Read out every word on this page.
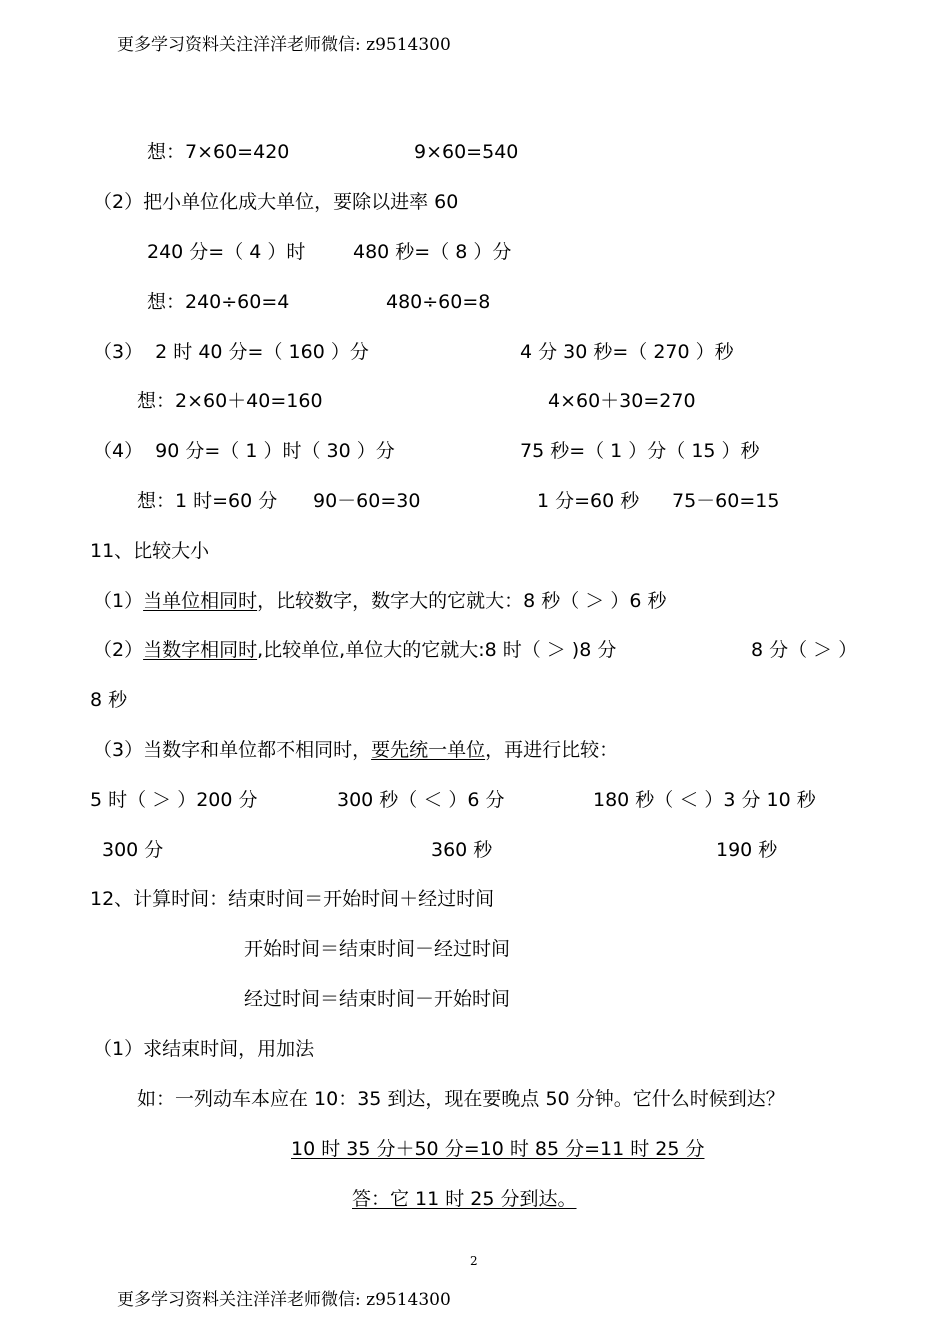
更多学习资料关注洋洋老师微信: z9514300
想：7×60=420	9×60=540
（2）把小单位化成大单位，要除以进率 60
240 分=（ 4 ）时	480 秒=（ 8 ）分
想：240÷60=4	480÷60=8
（3）  2 时 40 分=（ 160 ）分	4 分 30 秒=（ 270 ）秒
想：2×60＋40=160	4×60＋30=270
（4）  90 分=（ 1 ）时（ 30 ）分	75 秒=（ 1 ）分（ 15 ）秒
想：1 时=60 分 90－60=30	1 分=60 秒 75－60=15
11、比较大小
（1）当单位相同时，比较数字，数字大的它就大：8 秒（ ＞ ）6 秒
（2）当数字相同时,比较单位,单位大的它就大:8 时（ ＞ )8 分	8 分（ ＞ ）
8 秒
（3）当数字和单位都不相同时，要先统一单位，再进行比较：
5 时（ ＞ ）200 分	300 秒（ ＜ ）6 分	180 秒（ ＜ ）3 分 10 秒
300 分	360 秒	190 秒
12、计算时间：结束时间＝开始时间＋经过时间
开始时间＝结束时间－经过时间
经过时间＝结束时间－开始时间
（1）求结束时间，用加法
如：一列动车本应在 10：35 到达，现在要晚点 50 分钟。它什么时候到达？
10 时 35 分＋50 分=10 时 85 分=11 时 25 分
答：它 11 时 25 分到达。
2
更多学习资料关注洋洋老师微信: z9514300
